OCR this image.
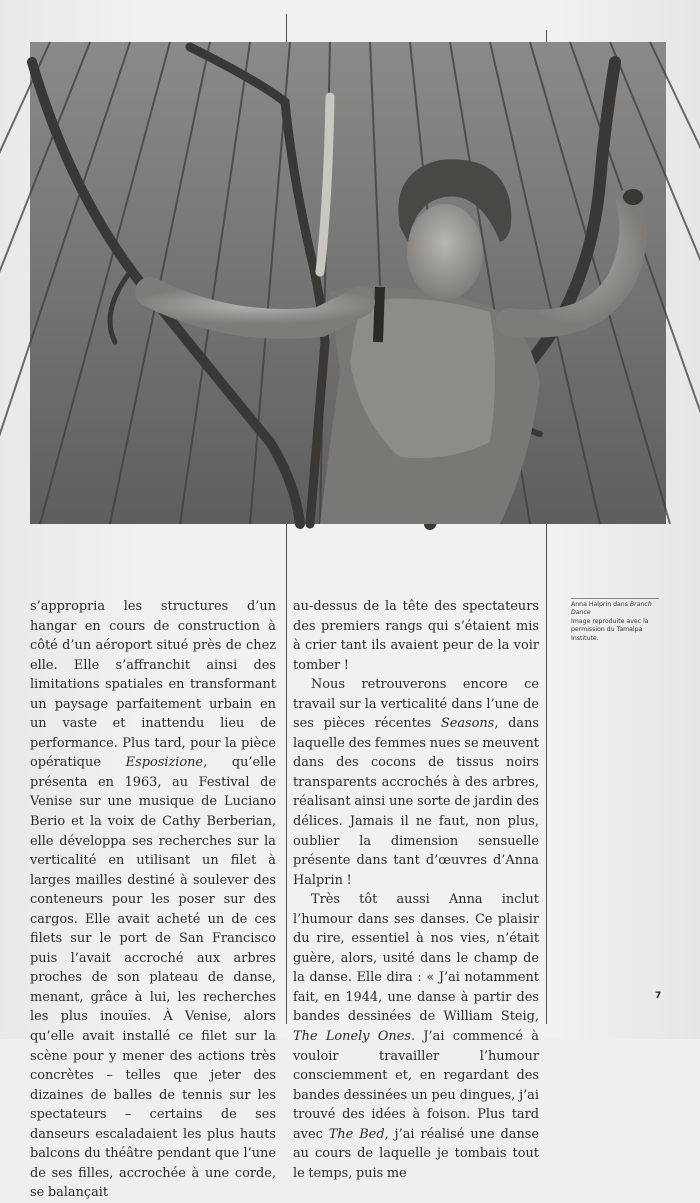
s’appropria les structures d’un hangar en cours de construction à côté d’un aéroport situé près de chez elle. Elle s’affranchit ainsi des limitations spatiales en transformant un paysage parfaitement urbain en un vaste et inattendu lieu de performance. Plus tard, pour la pièce opératique Esposizione, qu’elle présenta en 1963, au Festival de Venise sur une musique de Luciano Berio et la voix de Cathy Berberian, elle développa ses recherches sur la verticalité en utilisant un filet à larges mailles destiné à soulever des conteneurs pour les poser sur des cargos. Elle avait acheté un de ces filets sur le port de San Francisco puis l’avait accroché aux arbres proches de son plateau de danse, menant, grâce à lui, les recherches les plus inouïes. À Venise, alors qu’elle avait installé ce filet sur la scène pour y mener des actions très concrètes – telles que jeter des dizaines de balles de tennis sur les spectateurs – certains de ses danseurs escaladaient les plus hauts balcons du théâtre pendant que l’une de ses filles, accrochée à une corde, se balançait

au-dessus de la tête des spectateurs des premiers rangs qui s’étaient mis à crier tant ils avaient peur de la voir tomber !

Nous retrouverons encore ce travail sur la verticalité dans l’une de ses pièces récentes Seasons, dans laquelle des femmes nues se meuvent dans des cocons de tissus noirs transparents accrochés à des arbres, réalisant ainsi une sorte de jardin des délices. Jamais il ne faut, non plus, oublier la dimension sensuelle présente dans tant d’œuvres d’Anna Halprin !

Très tôt aussi Anna inclut l’humour dans ses danses. Ce plaisir du rire, essentiel à nos vies, n’était guère, alors, usité dans le champ de la danse. Elle dira : « J’ai notamment fait, en 1944, une danse à partir des bandes dessinées de William Steig, The Lonely Ones. J’ai commencé à vouloir travailler l’humour consciemment et, en regardant des bandes dessinées un peu dingues, j’ai trouvé des idées à foison. Plus tard avec The Bed, j’ai réalisé une danse au cours de laquelle je tombais tout le temps, puis me

Anna Halprin dans Branch Dance
Image reproduite avec la
permission du Tamalpa Institute.
7
